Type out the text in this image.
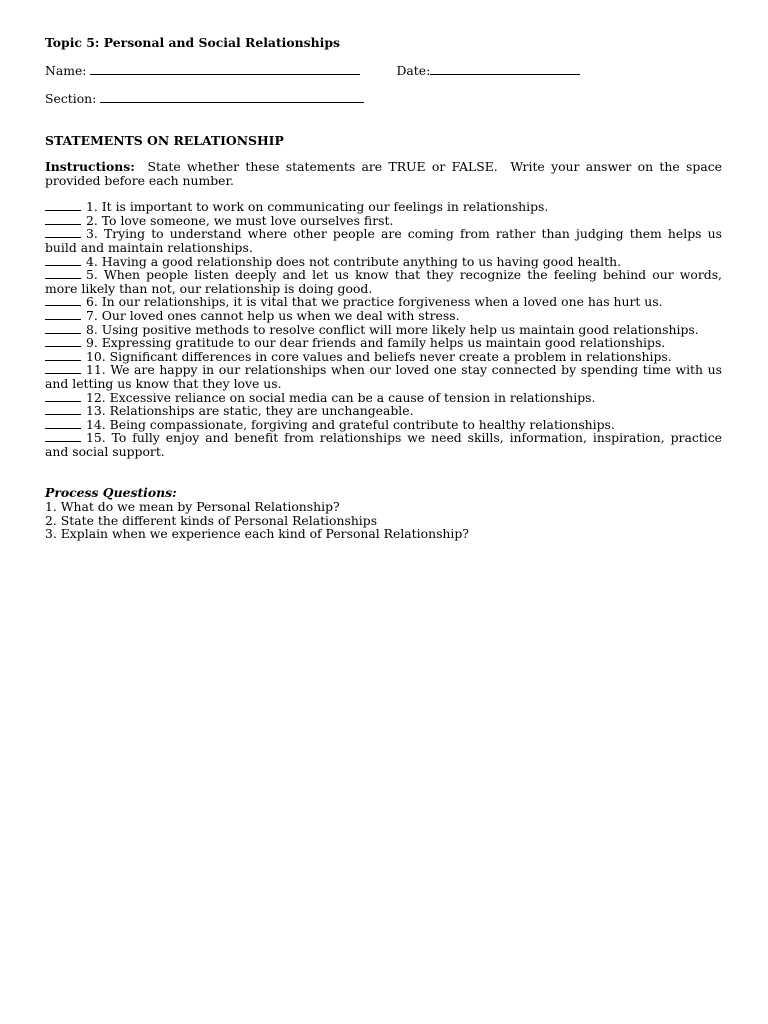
Topic 5: Personal and Social Relationships
Name:	Date:
Section:
STATEMENTS ON RELATIONSHIP
Instructions:  State whether these statements are TRUE or FALSE.  Write your answer on the space provided before each number.

1. It is important to work on communicating our feelings in relationships.

2. To love someone, we must love ourselves first.

3. Trying to understand where other people are coming from rather than judging them helps us build and maintain relationships.

4. Having a good relationship does not contribute anything to us having good health.

5. When people listen deeply and let us know that they recognize the feeling behind our words, more likely than not, our relationship is doing good.

6. In our relationships, it is vital that we practice forgiveness when a loved one has hurt us.

7. Our loved ones cannot help us when we deal with stress.

8. Using positive methods to resolve conflict will more likely help us maintain good relationships.

9. Expressing gratitude to our dear friends and family helps us maintain good relationships.

10. Significant differences in core values and beliefs never create a problem in relationships.

11. We are happy in our relationships when our loved one stay connected by spending time with us and letting us know that they love us.

12. Excessive reliance on social media can be a cause of tension in relationships.

13. Relationships are static, they are unchangeable.

14. Being compassionate, forgiving and grateful contribute to healthy relationships.

15. To fully enjoy and benefit from relationships we need skills, information, inspiration, practice and social support.

Process Questions:

1. What do we mean by Personal Relationship?

2. State the different kinds of Personal Relationships

3. Explain when we experience each kind of Personal Relationship?
